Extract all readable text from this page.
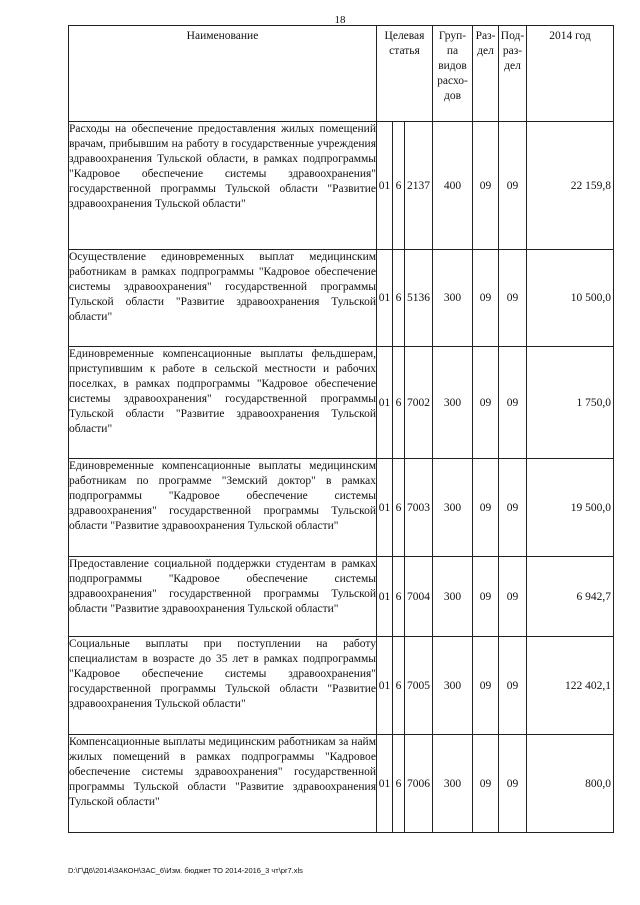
18
Наименование	Целевая статья			Груп- па видов расхо- дов	Раз- дел	Под- раз- дел	2014 год
Расходы на обеспечение предоставления жилых помещений врачам, прибывшим на работу в государственные учреждения здравоохранения Тульской области, в рамках подпрограммы "Кадровое обеспечение системы здравоохранения" государственной программы Тульской области "Развитие здравоохранения Тульской области"	01	6	2137	400	09	09	22 159,8
Осуществление единовременных выплат медицинским работникам в рамках подпрограммы "Кадровое обеспечение системы здравоохранения" государственной программы Тульской области "Развитие здравоохранения Тульской области"	01	6	5136	300	09	09	10 500,0
Единовременные компенсационные выплаты фельдшерам, приступившим к работе в сельской местности и рабочих поселках, в рамках подпрограммы "Кадровое обеспечение системы здравоохранения" государственной программы Тульской области "Развитие здравоохранения Тульской области"	01	6	7002	300	09	09	1 750,0
Единовременные компенсационные выплаты медицинским работникам по программе "Земский доктор" в рамках подпрограммы "Кадровое обеспечение системы здравоохранения" государственной программы Тульской области "Развитие здравоохранения Тульской области"	01	6	7003	300	09	09	19 500,0
Предоставление социальной поддержки студентам в рамках подпрограммы "Кадровое обеспечение системы здравоохранения" государственной программы Тульской области "Развитие здравоохранения Тульской области"	01	6	7004	300	09	09	6 942,7
Социальные выплаты при поступлении на работу специалистам в возрасте до 35 лет в рамках подпрограммы "Кадровое обеспечение системы здравоохранения" государственной программы Тульской области "Развитие здравоохранения Тульской области"	01	6	7005	300	09	09	122 402,1
Компенсационные выплаты медицинским работникам за найм жилых помещений в рамках подпрограммы "Кадровое обеспечение системы здравоохранения" государственной программы Тульской области "Развитие здравоохранения Тульской области"	01	6	7006	300	09	09	800,0
D:\Г\Д6\2014\ЗАКОН\ЗАС_6\Изм. бюджет ТО 2014-2016_3 чт\pr7.xls
